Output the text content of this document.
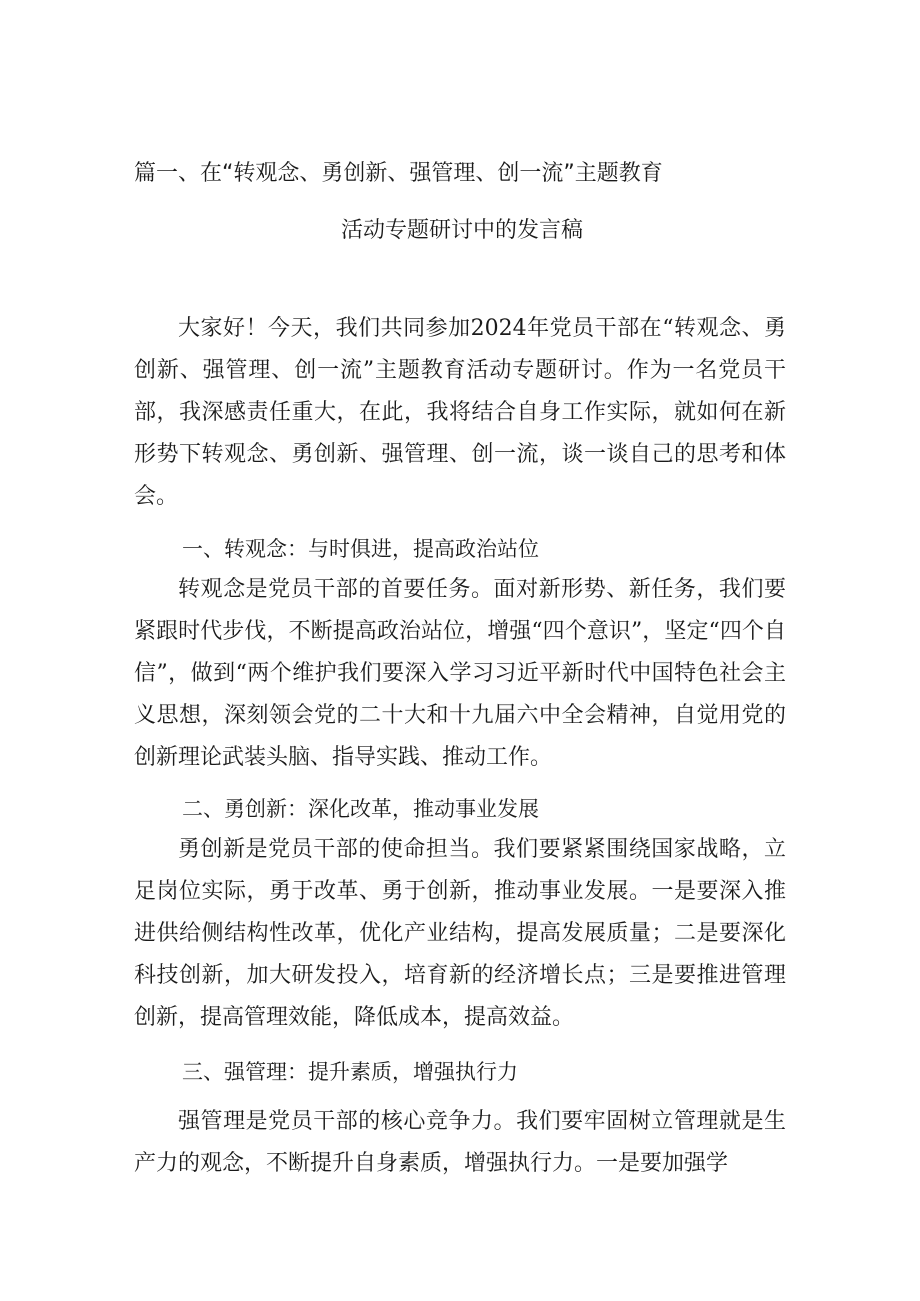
篇一、在“转观念、勇创新、强管理、创一流”主题教育
活动专题研讨中的发言稿

大家好！今天，我们共同参加2024年党员干部在“转观念、勇创新、强管理、创一流”主题教育活动专题研讨。作为一名党员干部，我深感责任重大，在此，我将结合自身工作实际，就如何在新形势下转观念、勇创新、强管理、创一流，谈一谈自己的思考和体会。

一、转观念：与时俱进，提高政治站位

转观念是党员干部的首要任务。面对新形势、新任务，我们要紧跟时代步伐，不断提高政治站位，增强“四个意识”，坚定“四个自信”，做到“两个维护我们要深入学习习近平新时代中国特色社会主义思想，深刻领会党的二十大和十九届六中全会精神，自觉用党的创新理论武装头脑、指导实践、推动工作。

二、勇创新：深化改革，推动事业发展

勇创新是党员干部的使命担当。我们要紧紧围绕国家战略，立足岗位实际，勇于改革、勇于创新，推动事业发展。一是要深入推进供给侧结构性改革，优化产业结构，提高发展质量；二是要深化科技创新，加大研发投入，培育新的经济增长点；三是要推进管理创新，提高管理效能，降低成本，提高效益。

三、强管理：提升素质，增强执行力

强管理是党员干部的核心竞争力。我们要牢固树立管理就是生产力的观念，不断提升自身素质，增强执行力。一是要加强学
